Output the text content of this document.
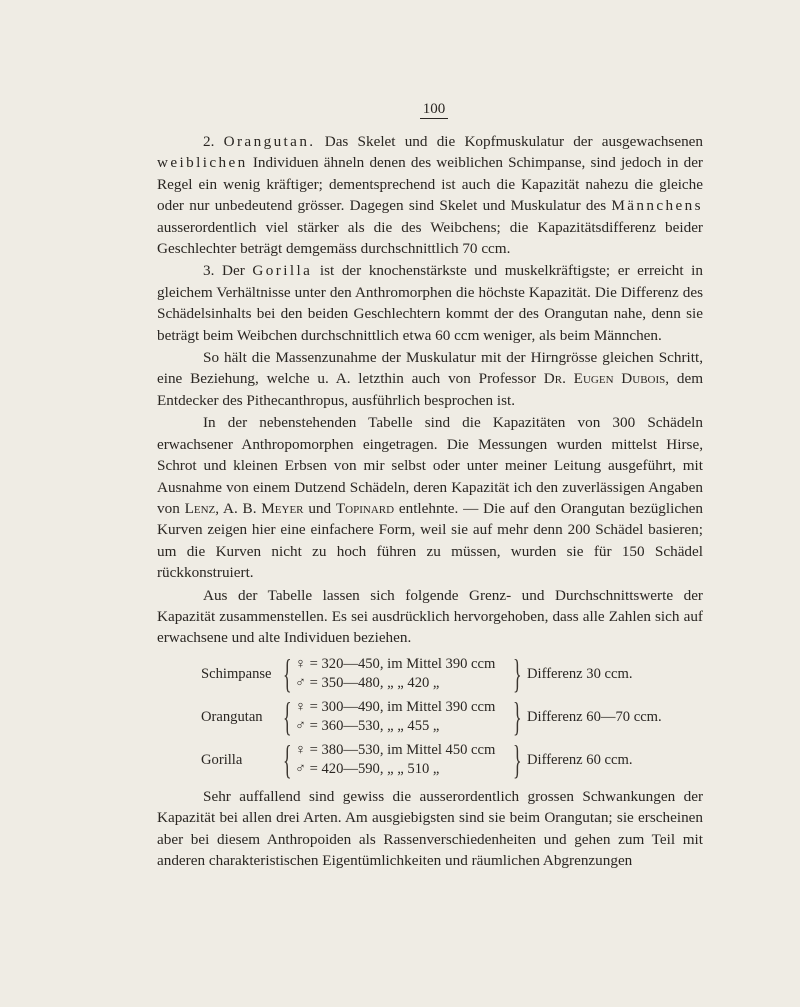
100

2. Orangutan. Das Skelet und die Kopfmuskulatur der ausgewachsenen weiblichen Individuen ähneln denen des weiblichen Schimpanse, sind jedoch in der Regel ein wenig kräftiger; dementsprechend ist auch die Kapazität nahezu die gleiche oder nur unbedeutend grösser. Dagegen sind Skelet und Muskulatur des Männchens ausserordentlich viel stärker als die des Weibchens; die Kapazitätsdifferenz beider Geschlechter beträgt demgemäss durchschnittlich 70 ccm.

3. Der Gorilla ist der knochenstärkste und muskelkräftigste; er erreicht in gleichem Verhältnisse unter den Anthromorphen die höchste Kapazität. Die Differenz des Schädelsinhalts bei den beiden Geschlechtern kommt der des Orangutan nahe, denn sie beträgt beim Weibchen durchschnittlich etwa 60 ccm weniger, als beim Männchen.

So hält die Massenzunahme der Muskulatur mit der Hirngrösse gleichen Schritt, eine Beziehung, welche u. A. letzthin auch von Professor Dr. Eugen Dubois, dem Entdecker des Pithecanthropus, ausführlich besprochen ist.

In der nebenstehenden Tabelle sind die Kapazitäten von 300 Schädeln erwachsener Anthropomorphen eingetragen. Die Messungen wurden mittelst Hirse, Schrot und kleinen Erbsen von mir selbst oder unter meiner Leitung ausgeführt, mit Ausnahme von einem Dutzend Schädeln, deren Kapazität ich den zuverlässigen Angaben von Lenz, A. B. Meyer und Topinard entlehnte. — Die auf den Orangutan bezüglichen Kurven zeigen hier eine einfachere Form, weil sie auf mehr denn 200 Schädel basieren; um die Kurven nicht zu hoch führen zu müssen, wurden sie für 150 Schädel rückkonstruiert.

Aus der Tabelle lassen sich folgende Grenz- und Durchschnittswerte der Kapazität zusammenstellen. Es sei ausdrücklich hervorgehoben, dass alle Zahlen sich auf erwachsene und alte Individuen beziehen.

Schimpanse { ♀ = 320—450, im Mittel 390 ccm
♂ = 350—480, „ „ 420 „	} Differenz 30 ccm.
Orangutan { ♀ = 300—490, im Mittel 390 ccm
♂ = 360—530, „ „ 455 „	} Differenz 60—70 ccm.
Gorilla	{ ♀ = 380—530, im Mittel 450 ccm
♂ = 420—590, „ „ 510 „	} Differenz 60 ccm.

Sehr auffallend sind gewiss die ausserordentlich grossen Schwankungen der Kapazität bei allen drei Arten. Am ausgiebigsten sind sie beim Orangutan; sie erscheinen aber bei diesem Anthropoiden als Rassenverschiedenheiten und gehen zum Teil mit anderen charakteristischen Eigentümlichkeiten und räumlichen Abgrenzungen
